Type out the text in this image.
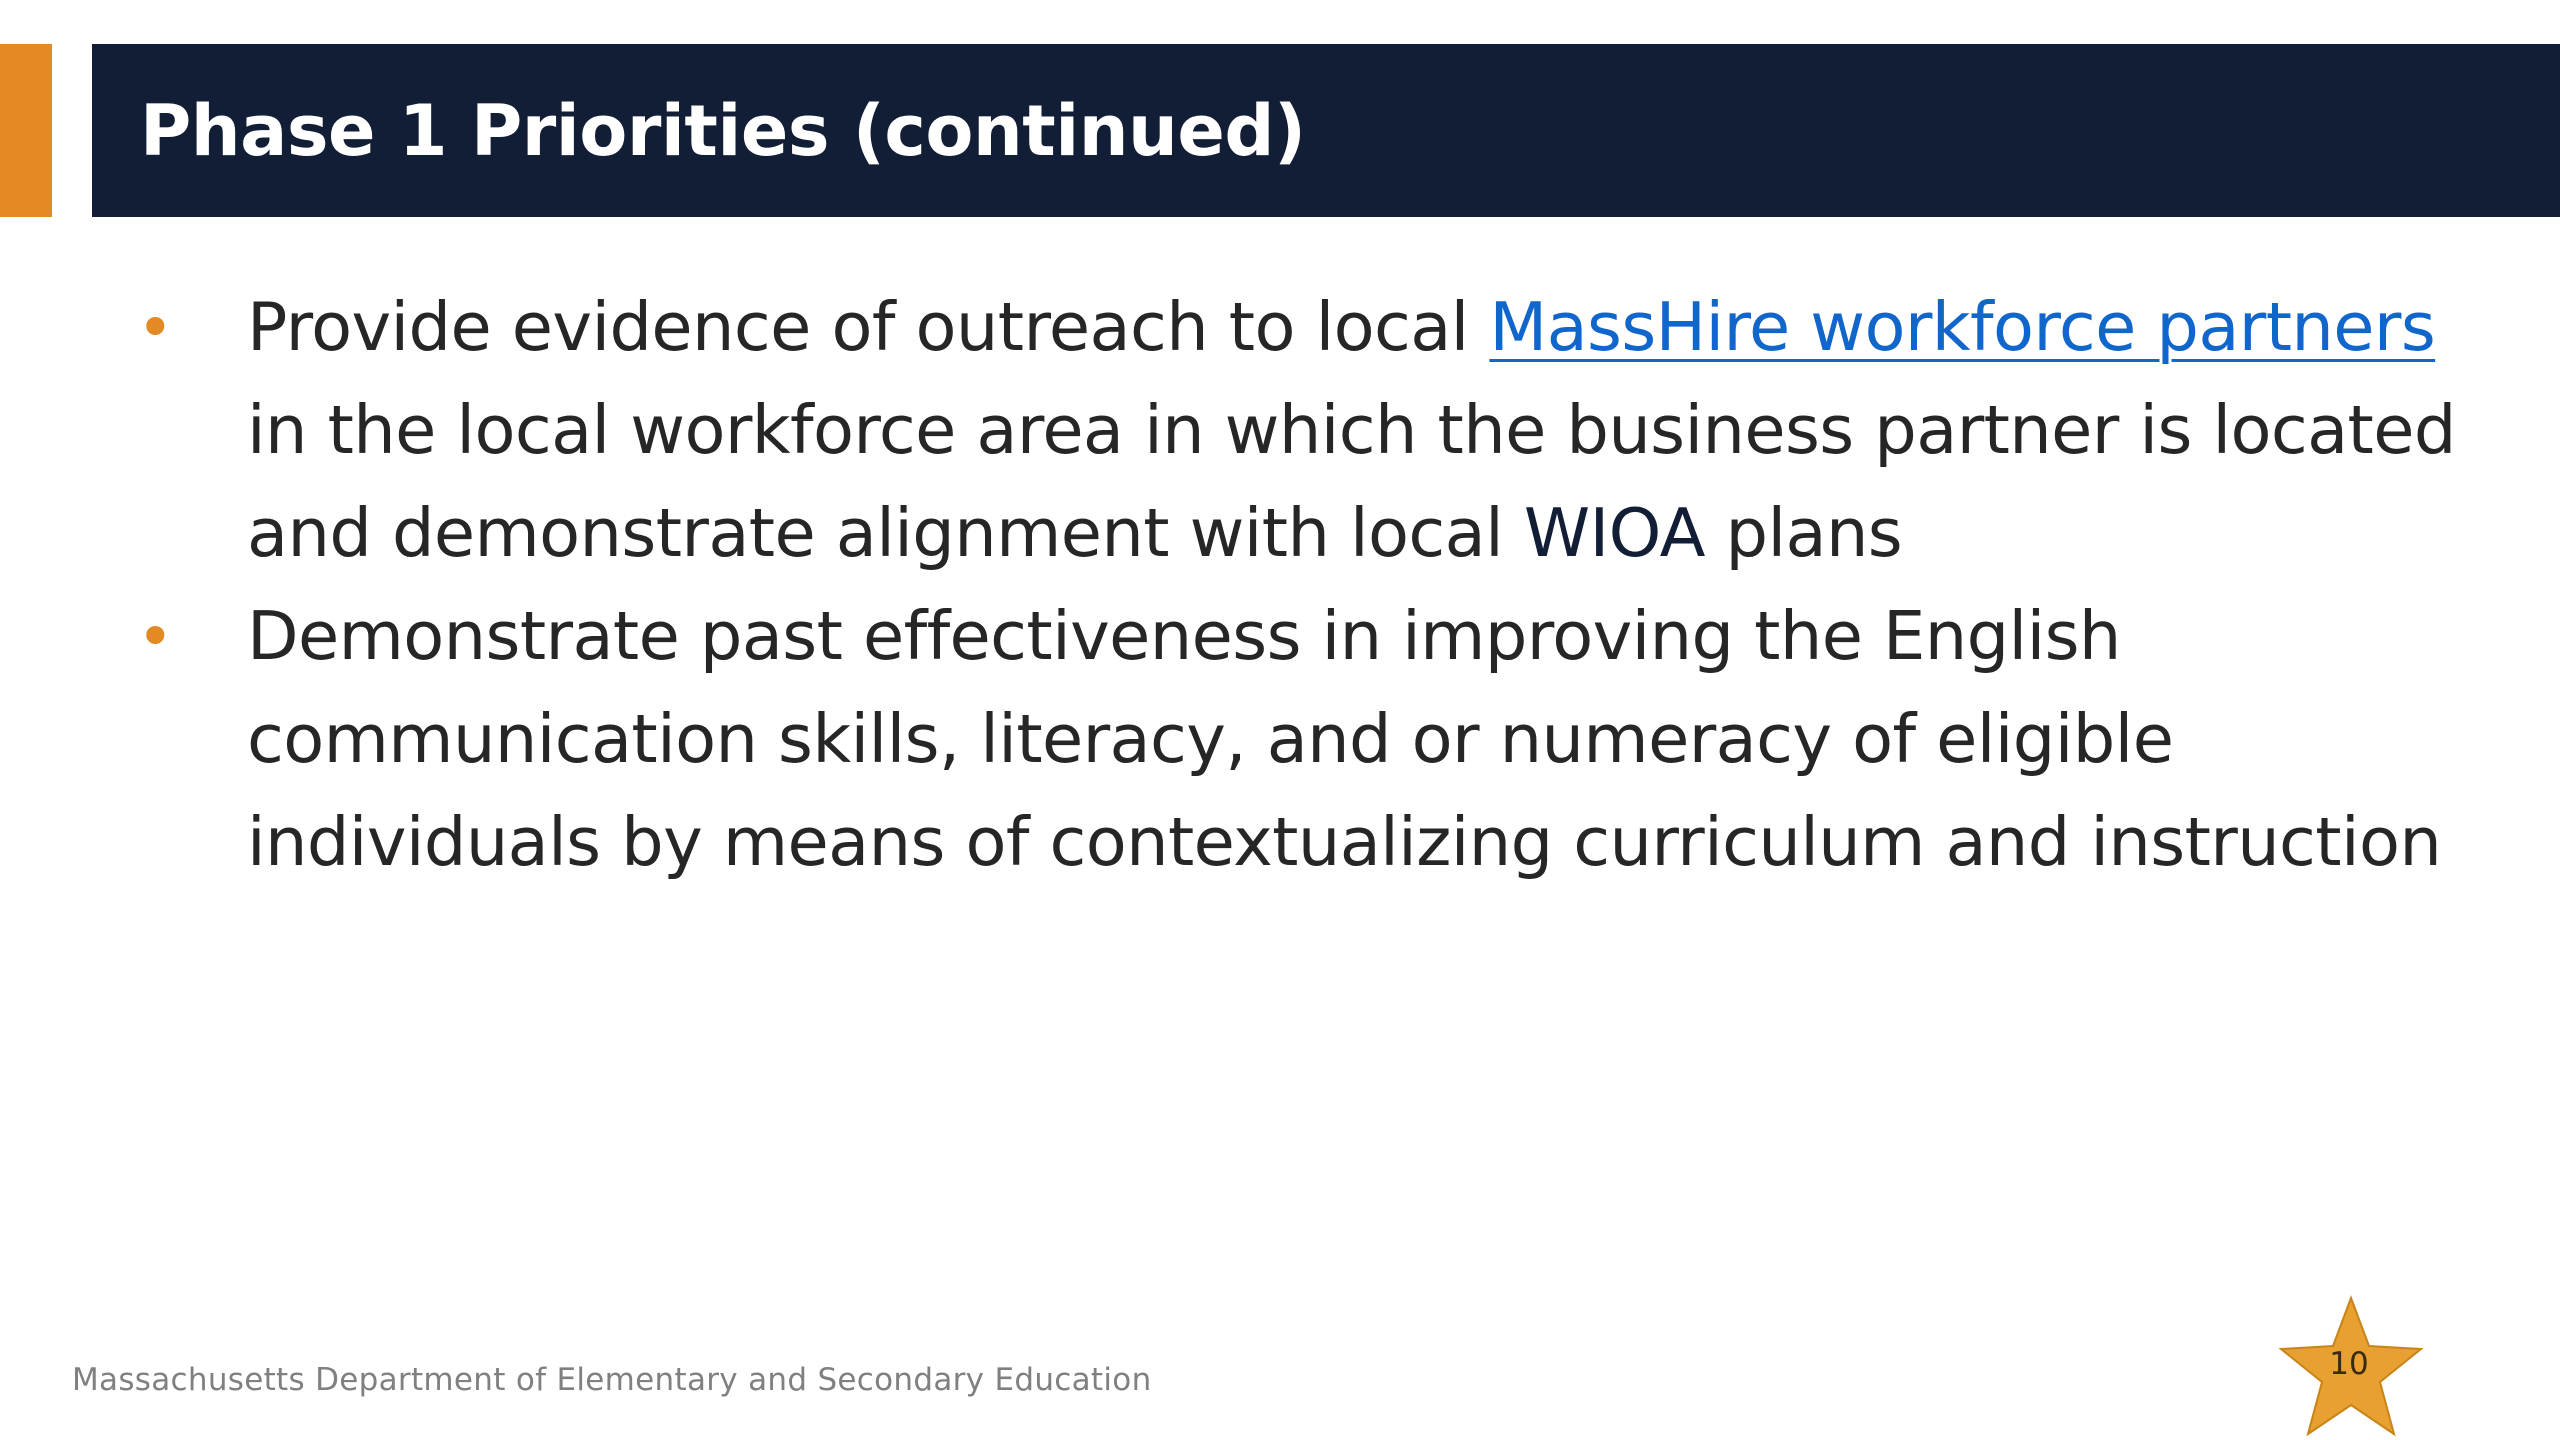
Phase 1 Priorities (continued)
• Provide evidence of outreach to local MassHire workforce partners in the local workforce area in which the business partner is located and demonstrate alignment with local WIOA plans
• Demonstrate past effectiveness in improving the English communication skills, literacy, and or numeracy of eligible individuals by means of contextualizing curriculum and instruction
Massachusetts Department of Elementary and Secondary Education	10
